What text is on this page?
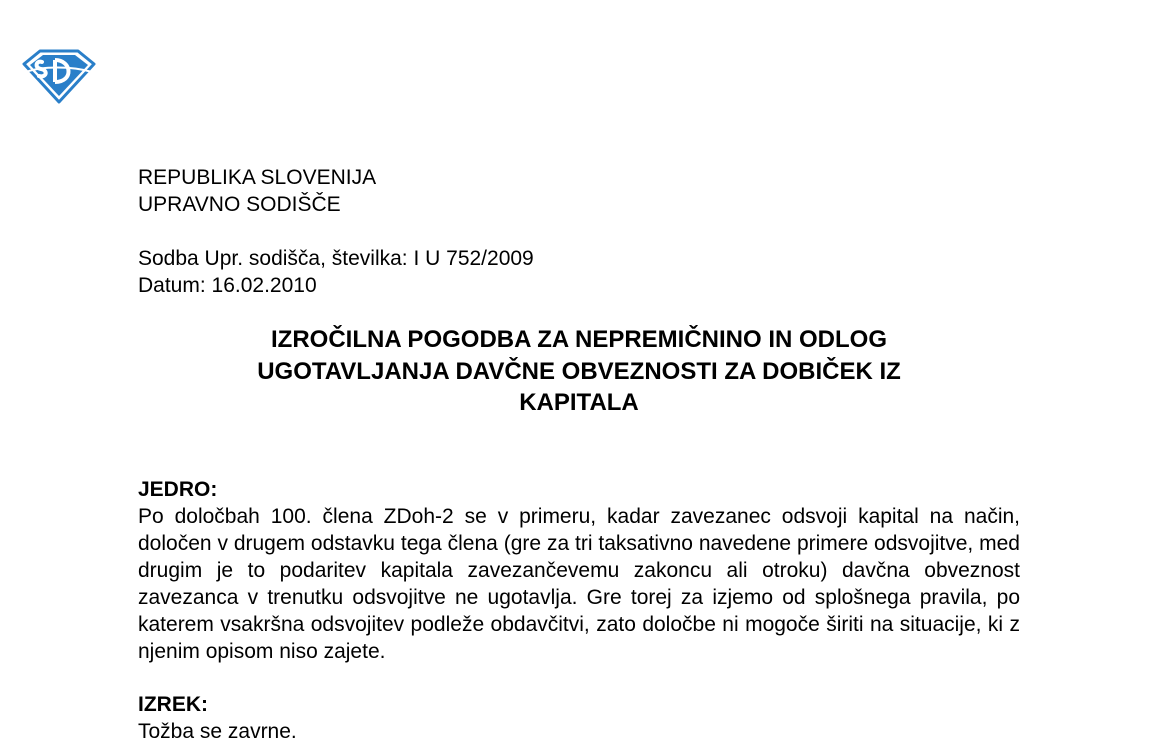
REPUBLIKA SLOVENIJA
UPRAVNO SODIŠČE
Sodba Upr. sodišča, številka: I U 752/2009
Datum: 16.02.2010
IZROČILNA POGODBA ZA NEPREMIČNINO IN ODLOG UGOTAVLJANJA DAVČNE OBVEZNOSTI ZA DOBIČEK IZ KAPITALA
JEDRO:
Po določbah 100. člena ZDoh-2 se v primeru, kadar zavezanec odsvoji kapital na način, določen v drugem odstavku tega člena (gre za tri taksativno navedene primere odsvojitve, med drugim je to podaritev kapitala zavezančevemu zakoncu ali otroku) davčna obveznost zavezanca v trenutku odsvojitve ne ugotavlja. Gre torej za izjemo od splošnega pravila, po katerem vsakršna odsvojitev podleže obdavčitvi, zato določbe ni mogoče širiti na situacije, ki z njenim opisom niso zajete.
IZREK:
Tožba se zavrne.
